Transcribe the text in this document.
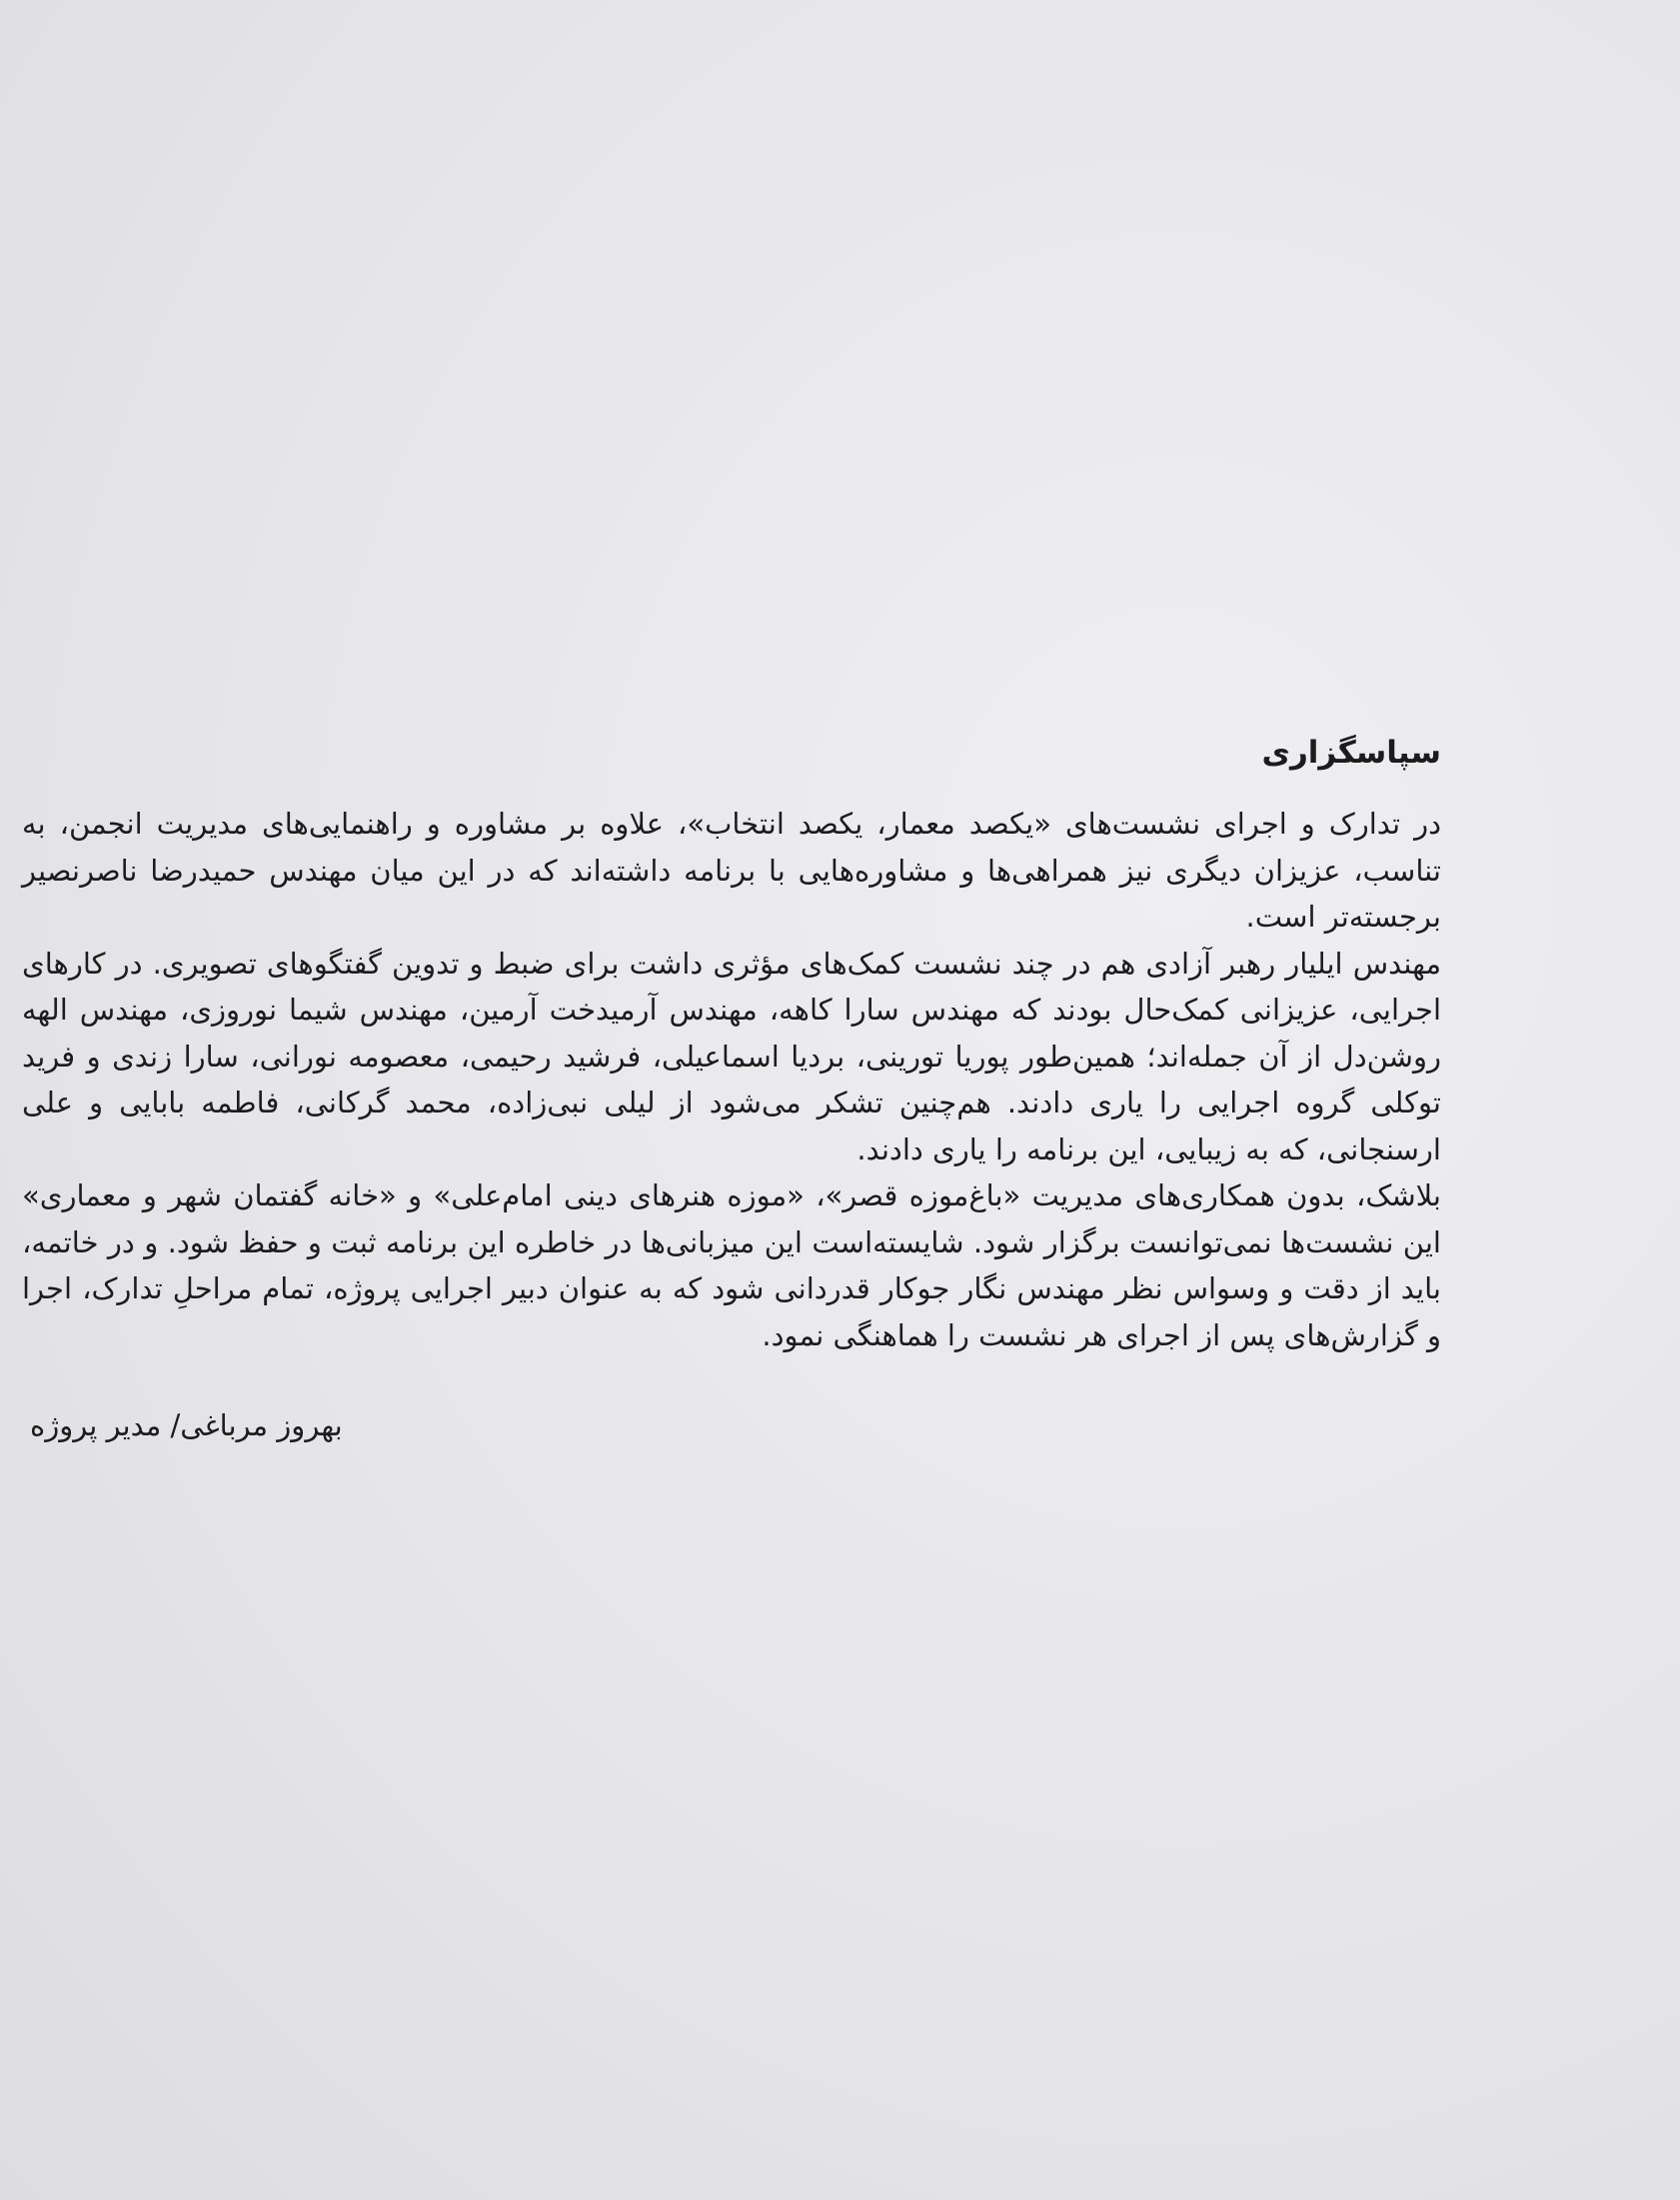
سپاسگزاری

در تدارک و اجرای نشست‌های «یکصد معمار، یکصد انتخاب»، علاوه بر مشاوره و راهنمایی‌های مدیریت انجمن، به تناسب، عزیزان دیگری نیز همراهی‌ها و مشاوره‌هایی با برنامه داشته‌اند که در این میان مهندس حمیدرضا ناصرنصیر برجسته‌تر است.

مهندس ایلیار رهبر آزادی هم در چند نشست کمک‌های مؤثری داشت برای ضبط و تدوین گفتگوهای تصویری. در کارهای اجرایی، عزیزانی کمک‌حال بودند که مهندس سارا کاهه، مهندس آرمیدخت آرمین، مهندس شیما نوروزی، مهندس الهه روشن‌دل از آن جمله‌اند؛ همین‌طور پوریا تورینی، بردیا اسماعیلی، فرشید رحیمی، معصومه نورانی، سارا زندی و فرید توکلی گروه اجرایی را یاری دادند. هم‌چنین تشکر می‌شود از لیلی نبی‌زاده، محمد گرکانی، فاطمه بابایی و علی ارسنجانی، که به زیبایی، این برنامه را یاری دادند.

بلاشک، بدون همکاری‌های مدیریت «باغ‌موزه قصر»، «موزه هنرهای دینی امام‌علی» و «خانه گفتمان شهر و معماری» این نشست‌ها نمی‌توانست برگزار شود. شایسته‌است این میزبانی‌ها در خاطره این برنامه ثبت و حفظ شود. و در خاتمه، باید از دقت و وسواس نظر مهندس نگار جوکار قدردانی شود که به عنوان دبیر اجرایی پروژه، تمام مراحلِ تدارک، اجرا و گزارش‌های پس از اجرای هر نشست را هماهنگی نمود.

بهروز مرباغی/ مدیر پروژه
